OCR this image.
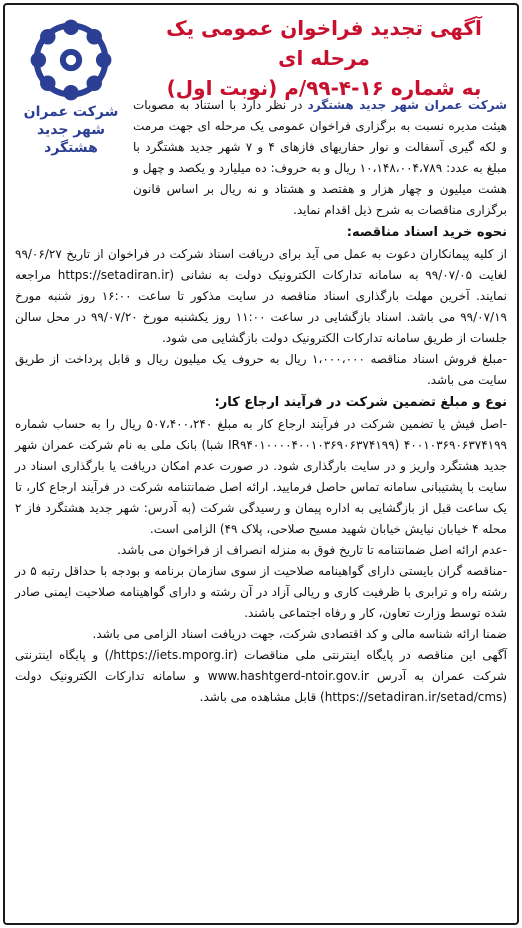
آگهی تجدید فراخوان عمومی یک مرحله ای
به شماره ۱۶-۴-۹۹/م (نوبت اول)
شرکت عمران
شهر جدید هشتگرد

شرکت عمران شهر جدید هشتگرد در نظر دارد با استناد به مصوبات هیئت مدیره نسبت به برگزاری فراخوان عمومی یک مرحله ای جهت مرمت و لکه گیری آسفالت و نوار حفاریهای فازهای ۴ و ۷ شهر جدید هشتگرد با مبلغ به عدد: ۱۰،۱۴۸،۰۰۴،۷۸۹ ریال و به حروف: ده میلیارد و یکصد و چهل و هشت میلیون و چهار هزار و هفتصد و هشتاد و نه ریال بر اساس قانون برگزاری مناقصات به شرح ذیل اقدام نماید.

نحوه خرید اسناد مناقصه:

از کلیه پیمانکاران دعوت به عمل می آید برای دریافت اسناد شرکت در فراخوان از تاریخ ۹۹/۰۶/۲۷ لغایت ۹۹/۰۷/۰۵ به سامانه تدارکات الکترونیک دولت به نشانی (https://setadiran.ir مراجعه نمایند. آخرین مهلت بارگذاری اسناد مناقصه در سایت مذکور تا ساعت ۱۶:۰۰ روز شنبه مورخ ۹۹/۰۷/۱۹ می باشد. اسناد بازگشایی در ساعت ۱۱:۰۰ روز یکشنبه مورخ ۹۹/۰۷/۲۰ در محل سالن جلسات از طریق سامانه تدارکات الکترونیک دولت بازگشایی می شود.

-مبلغ فروش اسناد مناقصه ۱،۰۰۰،۰۰۰ ریال به حروف یک میلیون ریال و قابل پرداخت از طریق سایت می باشد.

نوع و مبلغ تضمین شرکت در فرآیند ارجاع کار:

-اصل فیش یا تضمین شرکت در فرآیند ارجاع کار به مبلغ ۵۰۷،۴۰۰،۲۴۰ ریال را به حساب شماره ۴۰۰۱۰۳۶۹۰۶۳۷۴۱۹۹ (IR۹۴۰۱۰۰۰۰۴۰۰۱۰۳۶۹۰۶۳۷۴۱۹۹ شبا) بانک ملی به نام شرکت عمران شهر جدید هشتگرد واریز و در سایت بارگذاری شود. در صورت عدم امکان دریافت یا بارگذاری اسناد در سایت با پشتیبانی سامانه تماس حاصل فرمایید. ارائه اصل ضمانتنامه شرکت در فرآیند ارجاع کار، تا یک ساعت قبل از بازگشایی به اداره پیمان و رسیدگی شرکت (به آدرس: شهر جدید هشتگرد فاز ۲ محله ۴ خیابان نیایش خیابان شهید مسیح صلاحی، پلاک ۴۹) الزامی است.

-عدم ارائه اصل ضمانتنامه تا تاریخ فوق به منزله انصراف از فراخوان می باشد.

-مناقصه گران بایستی دارای گواهینامه صلاحیت از سوی سازمان برنامه و بودجه با حداقل رتبه ۵ در رشته راه و ترابری با ظرفیت کاری و ریالی آزاد در آن رشته و دارای گواهینامه صلاحیت ایمنی صادر شده توسط وزارت تعاون، کار و رفاه اجتماعی باشند.

ضمنا ارائه شناسه مالی و کد اقتصادی شرکت، جهت دریافت اسناد الزامی می باشد.

آگهی این مناقصه در پایگاه اینترنتی ملی مناقصات (https://iets.mporg.ir/) و پایگاه اینترنتی شرکت عمران به آدرس www.hashtgerd-ntoir.gov.ir و سامانه تدارکات الکترونیک دولت (https://setadiran.ir/setad/cms) قابل مشاهده می باشد.
